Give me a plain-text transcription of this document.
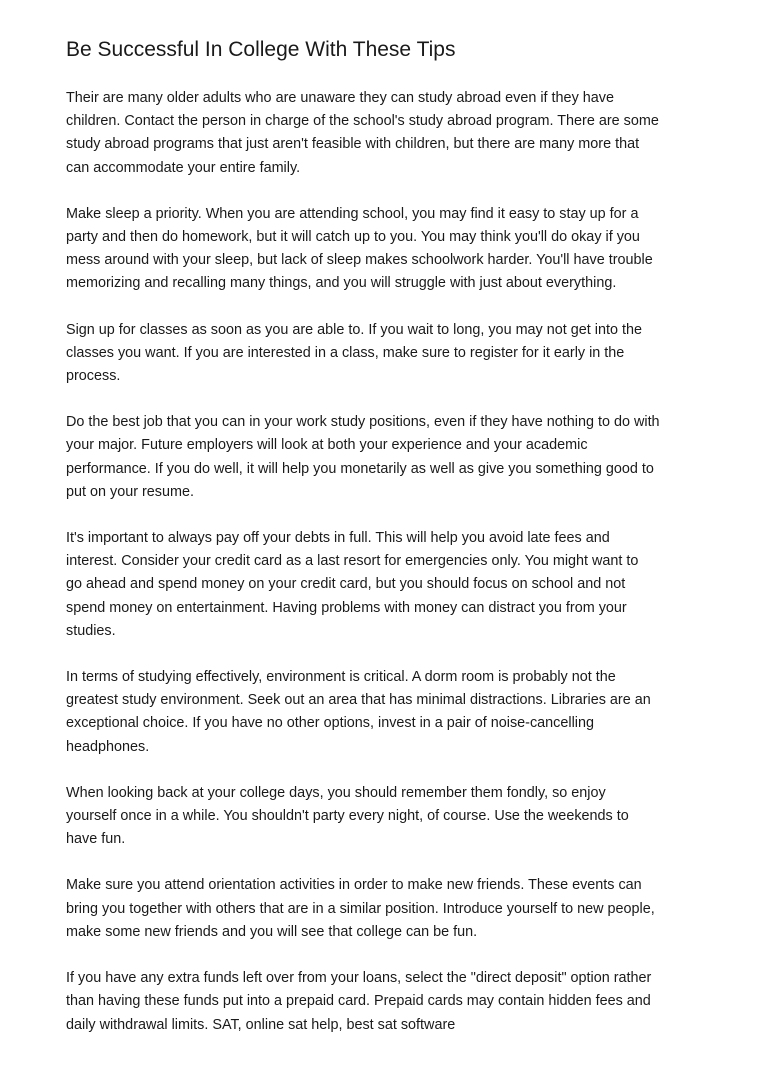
Be Successful In College With These Tips

Their are many older adults who are unaware they can study abroad even if they have
children. Contact the person in charge of the school's study abroad program. There are some
study abroad programs that just aren't feasible with children, but there are many more that
can accommodate your entire family.

Make sleep a priority. When you are attending school, you may find it easy to stay up for a
party and then do homework, but it will catch up to you. You may think you'll do okay if you
mess around with your sleep, but lack of sleep makes schoolwork harder. You'll have trouble
memorizing and recalling many things, and you will struggle with just about everything.

Sign up for classes as soon as you are able to. If you wait to long, you may not get into the
classes you want. If you are interested in a class, make sure to register for it early in the
process.

Do the best job that you can in your work study positions, even if they have nothing to do with
your major. Future employers will look at both your experience and your academic
performance. If you do well, it will help you monetarily as well as give you something good to
put on your resume.

It's important to always pay off your debts in full. This will help you avoid late fees and
interest. Consider your credit card as a last resort for emergencies only. You might want to
go ahead and spend money on your credit card, but you should focus on school and not
spend money on entertainment. Having problems with money can distract you from your
studies.

In terms of studying effectively, environment is critical. A dorm room is probably not the
greatest study environment. Seek out an area that has minimal distractions. Libraries are an
exceptional choice. If you have no other options, invest in a pair of noise-cancelling
headphones.

When looking back at your college days, you should remember them fondly, so enjoy
yourself once in a while. You shouldn't party every night, of course. Use the weekends to
have fun.

Make sure you attend orientation activities in order to make new friends. These events can
bring you together with others that are in a similar position. Introduce yourself to new people,
make some new friends and you will see that college can be fun.

If you have any extra funds left over from your loans, select the "direct deposit" option rather
than having these funds put into a prepaid card. Prepaid cards may contain hidden fees and
daily withdrawal limits. SAT, online sat help, best sat software
